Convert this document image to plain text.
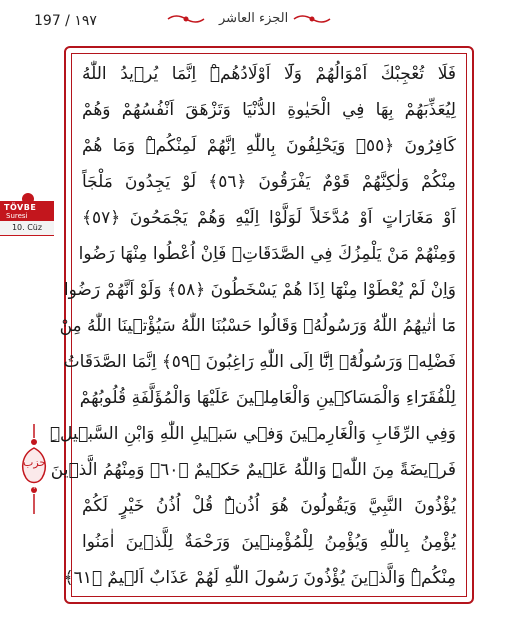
197 / ١٩٧	الجزء العاشر
فَلَا تُعْجِبْكَ اَمْوَالُهُمْ وَلَٓا اَوْلَادُهُمْۜ اِنَّمَا يُر۪يدُ اللّٰهُ
لِيُعَذِّبَهُمْ بِهَا فِي الْحَيٰوةِ الدُّنْيَا وَتَزْهَقَ اَنْفُسُهُمْ وَهُمْ
كَافِرُونَ ﴿٥٥﴾ وَيَحْلِفُونَ بِاللّٰهِ اِنَّهُمْ لَمِنْكُمْۜ وَمَا هُمْ
مِنْكُمْ وَلٰكِنَّهُمْ قَوْمٌ يَفْرَقُونَ ﴿٥٦﴾ لَوْ يَجِدُونَ مَلْجَاً
اَوْ مَغَارَاتٍ اَوْ مُدَّخَلاً لَوَلَّوْا اِلَيْهِ وَهُمْ يَجْمَحُونَ ﴿٥٧﴾
وَمِنْهُمْ مَنْ يَلْمِزُكَ فِي الصَّدَقَاتِۚ فَاِنْ اُعْطُوا مِنْهَا رَضُوا
وَاِنْ لَمْ يُعْطَوْا مِنْهَٓا اِذَا هُمْ يَسْخَطُونَ ﴿٥٨﴾ وَلَوْ اَنَّهُمْ رَضُوا
مَٓا اٰتٰيهُمُ اللّٰهُ وَرَسُولُهُۙ وَقَالُوا حَسْبُنَا اللّٰهُ سَيُؤْت۪ينَا اللّٰهُ مِنْ
فَضْلِه۪ وَرَسُولُهُٓۙ اِنَّٓا اِلَى اللّٰهِ رَاغِبُونَ ﴿٥٩﴾ اِنَّمَا الصَّدَقَاتُ
لِلْفُقَرَٓاءِ وَالْمَسَاك۪ينِ وَالْعَامِل۪ينَ عَلَيْهَا وَالْمُؤَلَّفَةِ قُلُوبُهُمْ
وَفِي الرِّقَابِ وَالْغَارِم۪ينَ وَف۪ي سَب۪يلِ اللّٰهِ وَابْنِ السَّب۪يلِۜ
فَر۪يضَةً مِنَ اللّٰهِۜ وَاللّٰهُ عَل۪يمٌ حَك۪يمٌ ﴿٦٠﴾ وَمِنْهُمُ الَّذ۪ينَ
يُؤْذُونَ النَّبِيَّ وَيَقُولُونَ هُوَ اُذُنٌۜ قُلْ اُذُنُ خَيْرٍ لَكُمْ
يُؤْمِنُ بِاللّٰهِ وَيُؤْمِنُ لِلْمُؤْمِن۪ينَ وَرَحْمَةٌ لِلَّذ۪ينَ اٰمَنُوا
مِنْكُمْۜ وَالَّذ۪ينَ يُؤْذُونَ رَسُولَ اللّٰهِ لَهُمْ عَذَابٌ اَل۪يمٌ ﴿٦١﴾
TÖVBE
Suresi
10. Cüz
حزب
١
